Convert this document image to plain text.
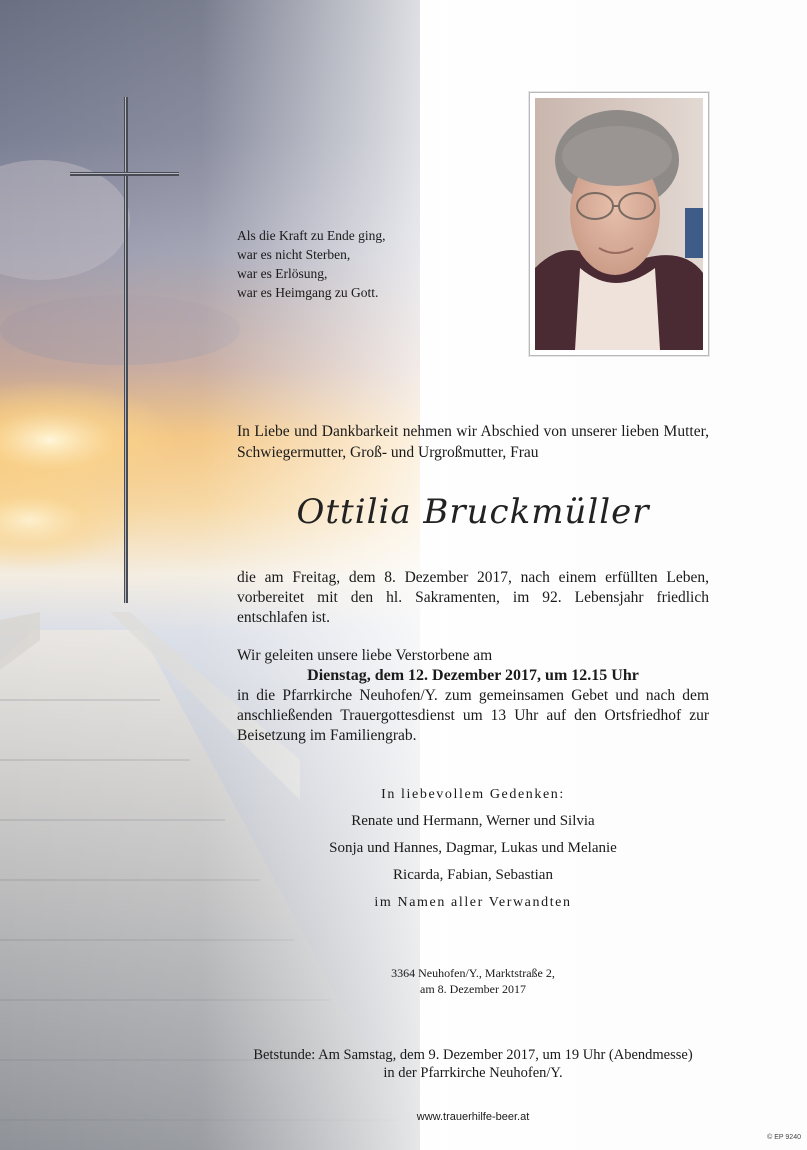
Als die Kraft zu Ende ging,
war es nicht Sterben,
war es Erlösung,
war es Heimgang zu Gott.
In Liebe und Dankbarkeit nehmen wir Abschied von unserer lieben Mutter, Schwiegermutter, Groß- und Urgroßmutter, Frau
Ottilia Bruckmüller
die am Freitag, dem 8. Dezember 2017, nach einem erfüllten Leben, vorbereitet mit den hl. Sakramenten, im 92. Lebensjahr friedlich entschlafen ist.
Wir geleiten unsere liebe Verstorbene am
Dienstag, dem 12. Dezember 2017, um 12.15 Uhr
in die Pfarrkirche Neuhofen/Y. zum gemeinsamen Gebet und nach dem anschließenden Trauergottesdienst um 13 Uhr auf den Ortsfriedhof zur Beisetzung im Familiengrab.
In liebevollem Gedenken:
Renate und Hermann, Werner und Silvia
Sonja und Hannes, Dagmar, Lukas und Melanie
Ricarda, Fabian, Sebastian
im Namen aller Verwandten
3364 Neuhofen/Y., Marktstraße 2,
am 8. Dezember 2017
Betstunde: Am Samstag, dem 9. Dezember 2017, um 19 Uhr (Abendmesse)
in der Pfarrkirche Neuhofen/Y.
www.trauerhilfe-beer.at
© EP 9240
